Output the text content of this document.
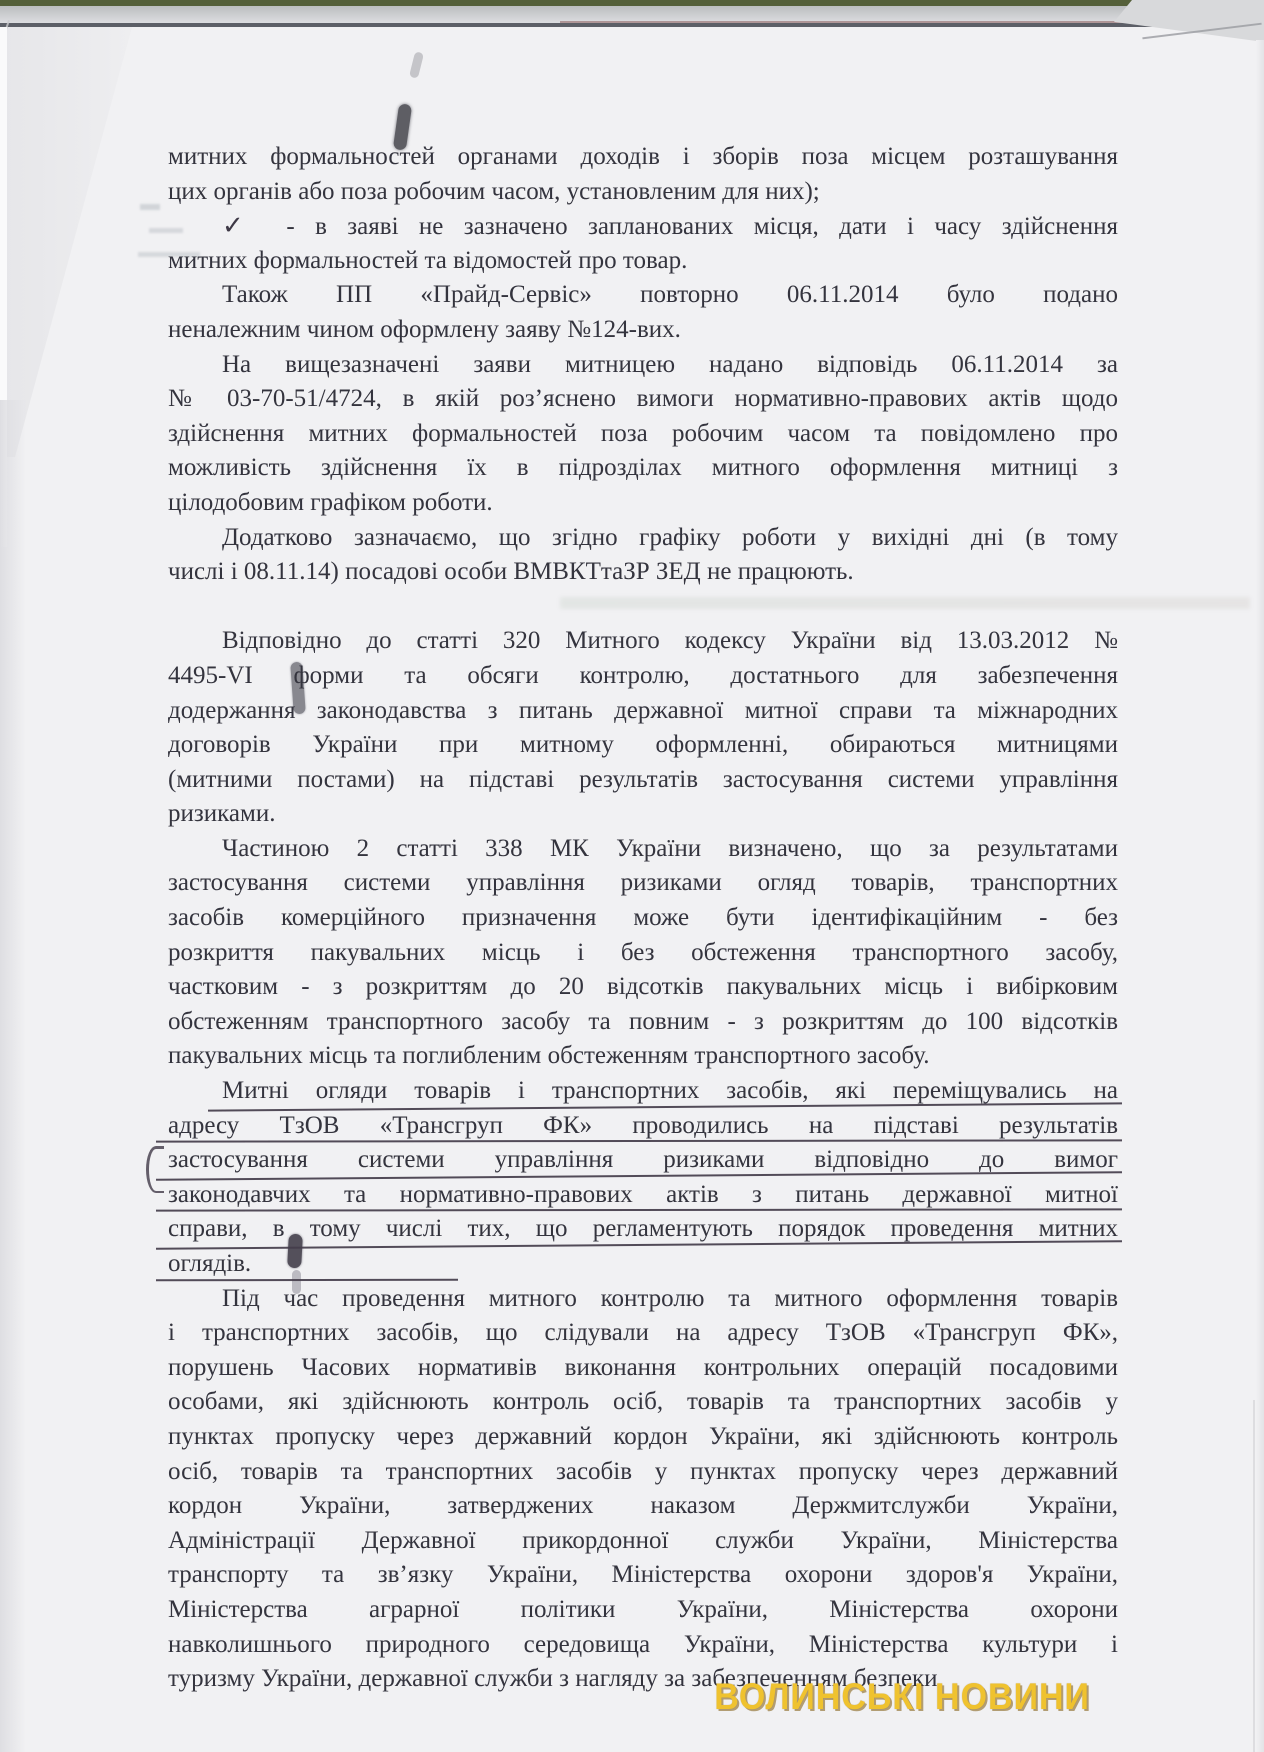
митних формальностей органами доходів і зборів поза місцем розташування
цих органів або поза робочим часом, установленим для них);
✓ - в заяві не зазначено запланованих місця, дати і часу здійснення
митних формальностей та відомостей про товар.
Також ПП «Прайд-Сервіс» повторно 06.11.2014 було подано
неналежним чином оформлену заяву №124-вих.
На вищезазначені заяви митницею надано відповідь 06.11.2014 за
№ 03-70-51/4724, в якій роз’яснено вимоги нормативно-правових актів щодо
здійснення митних формальностей поза робочим часом та повідомлено про
можливість здійснення їх в підрозділах митного оформлення митниці з
цілодобовим графіком роботи.
Додатково зазначаємо, що згідно графіку роботи у вихідні дні (в тому
числі і 08.11.14) посадові особи ВМВКТтаЗР ЗЕД не працюють.
Відповідно до статті 320 Митного кодексу України від 13.03.2012 №
4495-VI форми та обсяги контролю, достатнього для забезпечення
додержання законодавства з питань державної митної справи та міжнародних
договорів України при митному оформленні, обираються митницями
(митними постами) на підставі результатів застосування системи управління
ризиками.
Частиною 2 статті 338 МК України визначено, що за результатами
застосування системи управління ризиками огляд товарів, транспортних
засобів комерційного призначення може бути ідентифікаційним - без
розкриття пакувальних місць і без обстеження транспортного засобу,
частковим - з розкриттям до 20 відсотків пакувальних місць і вибірковим
обстеженням транспортного засобу та повним - з розкриттям до 100 відсотків
пакувальних місць та поглибленим обстеженням транспортного засобу.
Митні огляди товарів і транспортних засобів, які переміщувались на
адресу ТзОВ «Трансгруп ФК» проводились на підставі результатів
застосування системи управління ризиками відповідно до вимог
законодавчих та нормативно-правових актів з питань державної митної
справи, в тому числі тих, що регламентують порядок проведення митних
оглядів.
Під час проведення митного контролю та митного оформлення товарів
і транспортних засобів, що слідували на адресу ТзОВ «Трансгруп ФК»,
порушень Часових нормативів виконання контрольних операцій посадовими
особами, які здійснюють контроль осіб, товарів та транспортних засобів у
пунктах пропуску через державний кордон України, які здійснюють контроль
осіб, товарів та транспортних засобів у пунктах пропуску через державний
кордон України, затверджених наказом Держмитслужби України,
Адміністрації Державної прикордонної служби України, Міністерства
транспорту та зв’язку України, Міністерства охорони здоров'я України,
Міністерства аграрної політики України, Міністерства охорони
навколишнього природного середовища України, Міністерства культури і
туризму України, державної служби з нагляду за забезпеченням безпеки
ВОЛИНСЬКІ НОВИНИ
